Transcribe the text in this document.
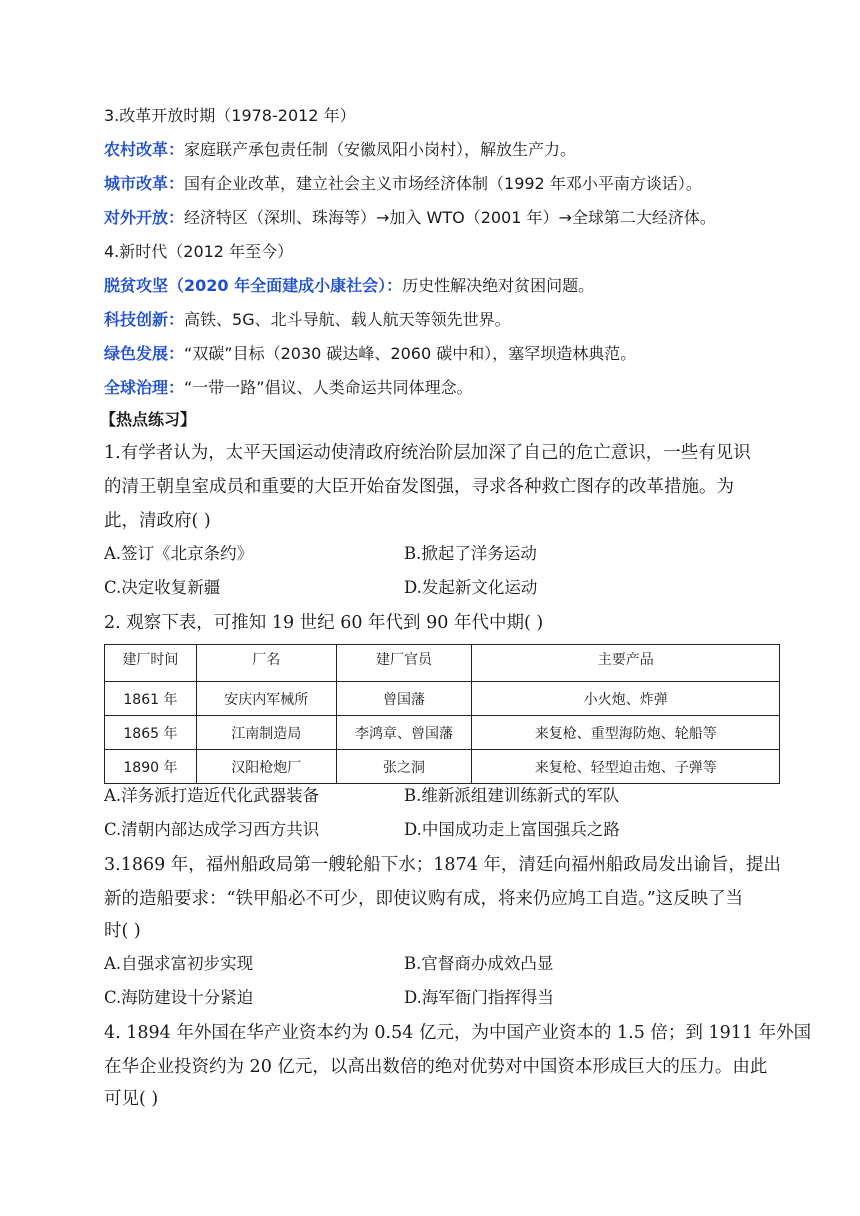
3.改革开放时期（1978-2012 年）
农村改革：家庭联产承包责任制（安徽凤阳小岗村），解放生产力。
城市改革：国有企业改革，建立社会主义市场经济体制（1992 年邓小平南方谈话）。
对外开放：经济特区（深圳、珠海等）→加入 WTO（2001 年）→全球第二大经济体。
4.新时代（2012 年至今）
脱贫攻坚（2020 年全面建成小康社会）：历史性解决绝对贫困问题。
科技创新：高铁、5G、北斗导航、载人航天等领先世界。
绿色发展：“双碳”目标（2030 碳达峰、2060 碳中和），塞罕坝造林典范。
全球治理：“一带一路”倡议、人类命运共同体理念。
【热点练习】
1.有学者认为，太平天国运动使清政府统治阶层加深了自己的危亡意识，一些有见识
的清王朝皇室成员和重要的大臣开始奋发图强，寻求各种救亡图存的改革措施。为
此，清政府( )
A.签订《北京条约》	B.掀起了洋务运动
C.决定收复新疆	D.发起新文化运动
2. 观察下表，可推知 19 世纪 60 年代到 90 年代中期( )
建厂时间	厂名	建厂官员	主要产品
1861 年	安庆内军械所	曾国藩	小火炮、炸弹
1865 年	江南制造局	李鸿章、曾国藩	来复枪、重型海防炮、轮船等
1890 年	汉阳枪炮厂	张之洞	来复枪、轻型迫击炮、子弹等
A.洋务派打造近代化武器装备	B.维新派组建训练新式的军队
C.清朝内部达成学习西方共识	D.中国成功走上富国强兵之路
3.1869 年，福州船政局第一艘轮船下水；1874 年，清廷向福州船政局发出谕旨，提出
新的造船要求：“铁甲船必不可少，即使议购有成，将来仍应鸠工自造。”这反映了当
时( )
A.自强求富初步实现	B.官督商办成效凸显
C.海防建设十分紧迫	D.海军衙门指挥得当
4. 1894 年外国在华产业资本约为 0.54 亿元，为中国产业资本的 1.5 倍；到 1911 年外国
在华企业投资约为 20 亿元，以高出数倍的绝对优势对中国资本形成巨大的压力。由此
可见( )
